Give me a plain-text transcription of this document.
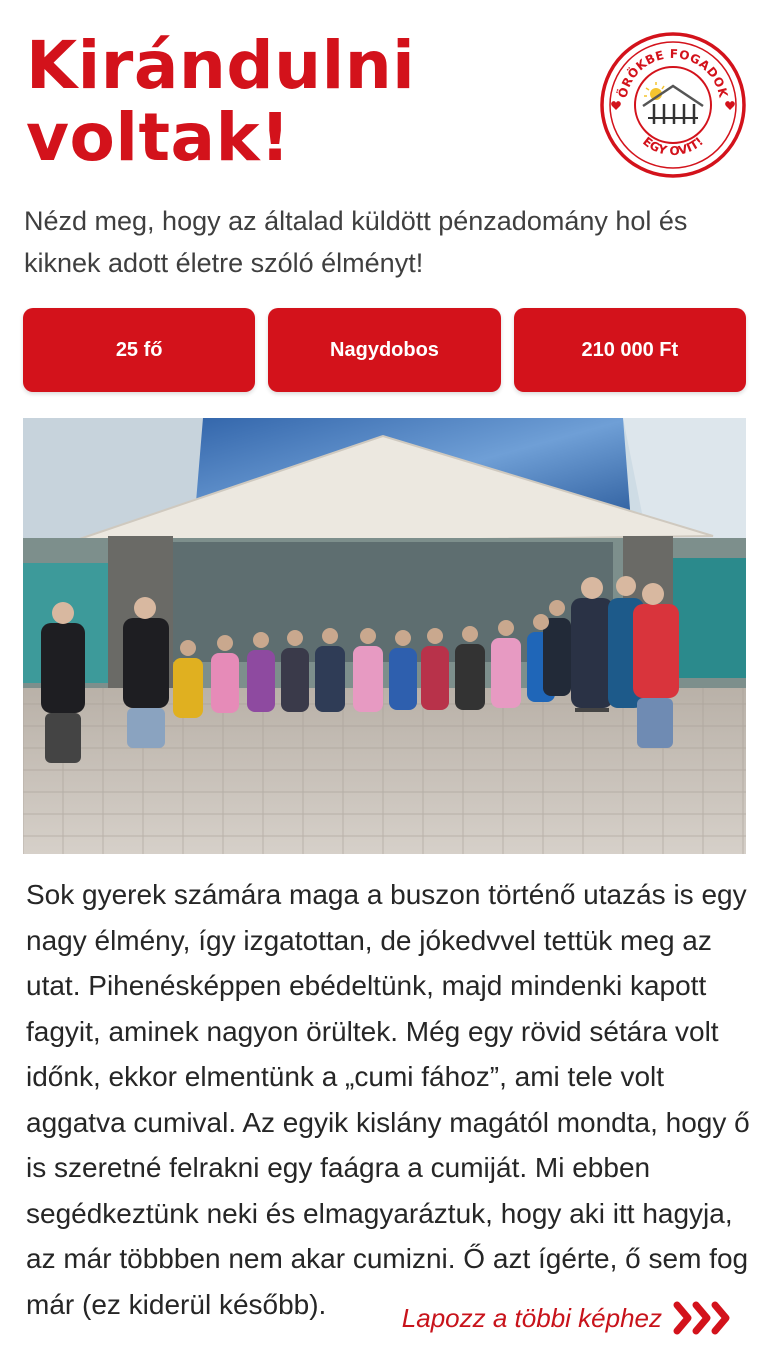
Kirándulni
voltak!
ÖRÖKBE FOGADOK
EGY OVIT!

Nézd meg, hogy az általad küldött pénzadomány hol és kiknek adott életre szóló élményt!

25 fő	Nagydobos	210 000 Ft

Sok gyerek számára maga a buszon történő utazás is egy nagy élmény, így izgatottan, de jókedvvel tettük meg az utat. Pihenésképpen ebédeltünk, majd mindenki kapott fagyit, aminek nagyon örültek. Még egy rövid sétára volt időnk, ekkor elmentünk a „cumi fához”, ami tele volt aggatva cumival. Az egyik kislány magától mondta, hogy ő is szeretné felrakni egy faágra a cumiját. Mi ebben segédkeztünk neki és elmagyaráztuk, hogy aki itt hagyja, az már többben nem akar cumizni. Ő azt ígérte, ő sem fog már (ez kiderül később).	Lapozz a többi képhez
